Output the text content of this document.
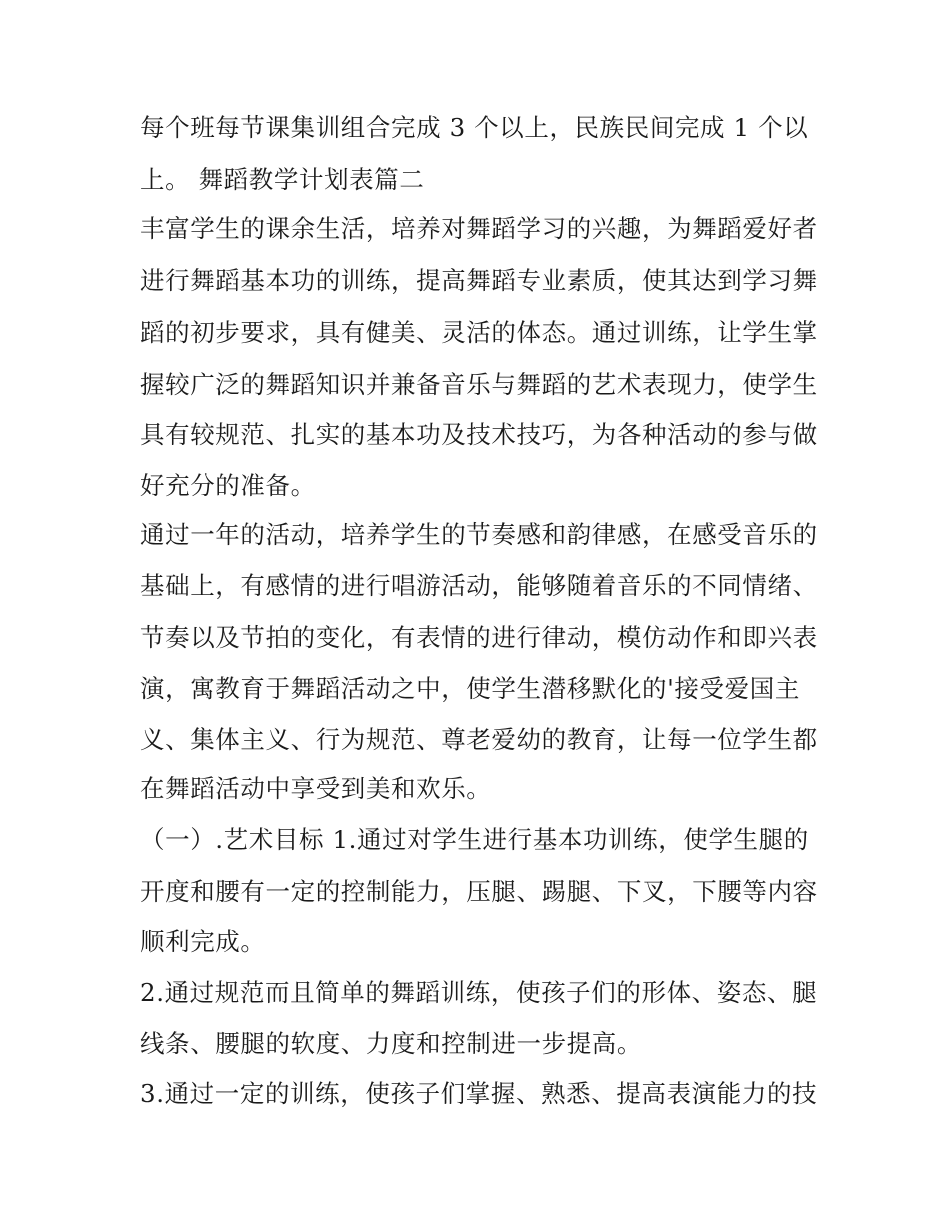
每个班每节课集训组合完成 3 个以上，民族民间完成 1 个以
上。 舞蹈教学计划表篇二
丰富学生的课余生活，培养对舞蹈学习的兴趣，为舞蹈爱好者
进行舞蹈基本功的训练，提高舞蹈专业素质，使其达到学习舞
蹈的初步要求，具有健美、灵活的体态。通过训练，让学生掌
握较广泛的舞蹈知识并兼备音乐与舞蹈的艺术表现力，使学生
具有较规范、扎实的基本功及技术技巧，为各种活动的参与做
好充分的准备。
通过一年的活动，培养学生的节奏感和韵律感，在感受音乐的
基础上，有感情的进行唱游活动，能够随着音乐的不同情绪、
节奏以及节拍的变化，有表情的进行律动，模仿动作和即兴表
演，寓教育于舞蹈活动之中，使学生潜移默化的'接受爱国主
义、集体主义、行为规范、尊老爱幼的教育，让每一位学生都
在舞蹈活动中享受到美和欢乐。
（一）.艺术目标 1.通过对学生进行基本功训练，使学生腿的
开度和腰有一定的控制能力，压腿、踢腿、下叉，下腰等内容
顺利完成。
2.通过规范而且简单的舞蹈训练，使孩子们的形体、姿态、腿
线条、腰腿的软度、力度和控制进一步提高。
3.通过一定的训练，使孩子们掌握、熟悉、提高表演能力的技
